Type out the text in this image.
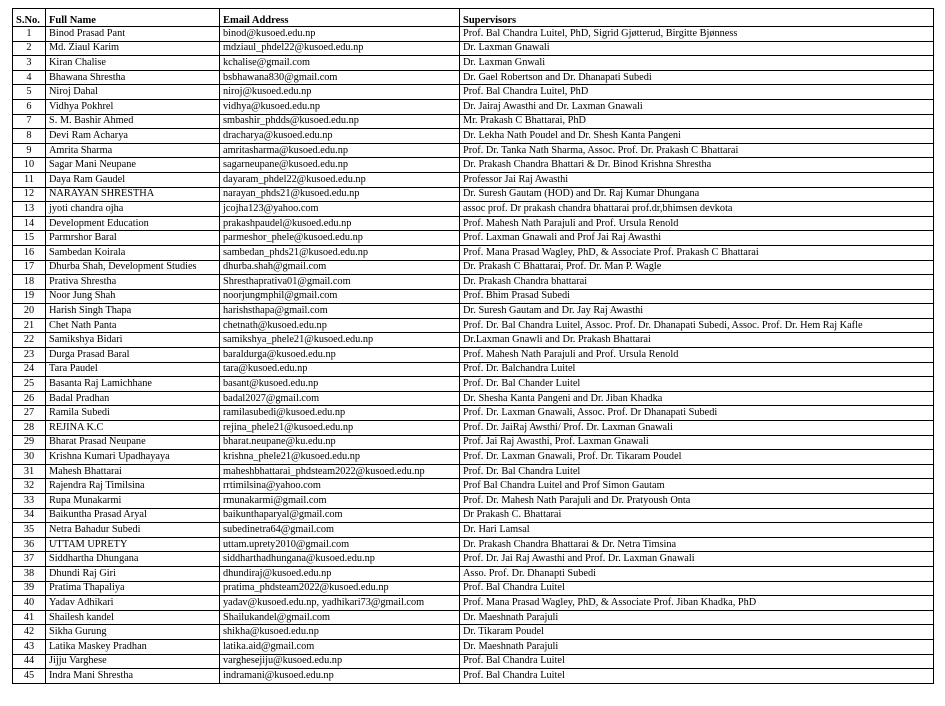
S.No.	Full Name	Email Address	Supervisors
1	Binod Prasad Pant	binod@kusoed.edu.np	Prof. Bal Chandra Luitel, PhD, Sigrid Gjøtterud, Birgitte Bjønness
2	Md. Ziaul Karim	mdziaul_phdel22@kusoed.edu.np	Dr. Laxman Gnawali
3	Kiran Chalise	kchalise@gmail.com	Dr. Laxman Gnwali
4	Bhawana Shrestha	bsbhawana830@gmail.com	Dr. Gael Robertson and Dr. Dhanapati Subedi
5	Niroj Dahal	niroj@kusoed.edu.np	Prof. Bal Chandra Luitel, PhD
6	Vidhya Pokhrel	vidhya@kusoed.edu.np	Dr. Jairaj Awasthi and Dr. Laxman Gnawali
7	S. M. Bashir Ahmed	smbashir_phdds@kusoed.edu.np	Mr. Prakash C Bhattarai, PhD
8	Devi Ram Acharya	dracharya@kusoed.edu.np	Dr. Lekha Nath Poudel and Dr. Shesh Kanta Pangeni
9	Amrita Sharma	amritasharma@kusoed.edu.np	Prof. Dr. Tanka Nath Sharma, Assoc. Prof. Dr. Prakash C Bhattarai
10	Sagar Mani Neupane	sagarneupane@kusoed.edu.np	Dr. Prakash Chandra Bhattari & Dr. Binod Krishna Shrestha
11	Daya Ram Gaudel	dayaram_phdel22@kusoed.edu.np	Professor Jai Raj Awasthi
12	NARAYAN SHRESTHA	narayan_phds21@kusoed.edu.np	Dr. Suresh Gautam (HOD) and Dr. Raj Kumar Dhungana
13	jyoti chandra ojha	jcojha123@yahoo.com	assoc prof. Dr prakash chandra bhattarai prof.dr,bhimsen devkota
14	Development Education	prakashpaudel@kusoed.edu.np	Prof. Mahesh Nath Parajuli and Prof. Ursula Renold
15	Parmrshor Baral	parmeshor_phele@kusoed.edu.np	Prof. Laxman Gnawali and Prof Jai Raj Awasthi
16	Sambedan Koirala	sambedan_phds21@kusoed.edu.np	Prof. Mana Prasad Wagley, PhD, & Associate Prof. Prakash C Bhattarai
17	Dhurba Shah, Development Studies	dhurba.shah@gmail.com	Dr. Prakash C Bhattarai, Prof. Dr. Man P. Wagle
18	Prativa Shrestha	Shresthaprativa01@gmail.com	Dr. Prakash Chandra bhattarai
19	Noor Jung Shah	noorjungmphil@gmail.com	Prof. Bhim Prasad Subedi
20	Harish Singh Thapa	harishsthapa@gmail.com	Dr. Suresh Gautam and Dr. Jay Raj Awasthi
21	Chet Nath Panta	chetnath@kusoed.edu.np	Prof. Dr. Bal Chandra Luitel, Assoc. Prof. Dr. Dhanapati Subedi, Assoc. Prof. Dr. Hem Raj Kafle
22	Samikshya Bidari	samikshya_phele21@kusoed.edu.np	Dr.Laxman Gnawli and Dr. Prakash Bhattarai
23	Durga Prasad Baral	baraldurga@kusoed.edu.np	Prof. Mahesh Nath Parajuli and Prof. Ursula Renold
24	Tara Paudel	tara@kusoed.edu.np	Prof. Dr. Balchandra Luitel
25	Basanta Raj Lamichhane	basant@kusoed.edu.np	Prof. Dr. Bal Chander Luitel
26	Badal Pradhan	badal2027@gmail.com	Dr. Shesha Kanta Pangeni and Dr. Jiban Khadka
27	Ramila Subedi	ramilasubedi@kusoed.edu.np	Prof. Dr. Laxman Gnawali, Assoc. Prof. Dr Dhanapati Subedi
28	REJINA K.C	rejina_phele21@kusoed.edu.np	Prof. Dr. JaiRaj Awsthi/ Prof. Dr. Laxman Gnawali
29	Bharat Prasad Neupane	bharat.neupane@ku.edu.np	Prof. Jai Raj Awasthi, Prof. Laxman Gnawali
30	Krishna Kumari Upadhayaya	krishna_phele21@kusoed.edu.np	Prof. Dr. Laxman Gnawali, Prof. Dr. Tikaram Poudel
31	Mahesh Bhattarai	maheshbhattarai_phdsteam2022@kusoed.edu.np	Prof. Dr. Bal Chandra Luitel
32	Rajendra Raj Timilsina	rrtimilsina@yahoo.com	Prof Bal Chandra Luitel and Prof Simon Gautam
33	Rupa Munakarmi	rmunakarmi@gmail.com	Prof. Dr. Mahesh Nath Parajuli and Dr. Pratyoush Onta
34	Baikuntha Prasad Aryal	baikunthaparyal@gmail.com	Dr Prakash C. Bhattarai
35	Netra Bahadur Subedi	subedinetra64@gmail.com	Dr. Hari Lamsal
36	UTTAM UPRETY	uttam.uprety2010@gmail.com	Dr. Prakash Chandra Bhattarai & Dr. Netra Timsina
37	Siddhartha Dhungana	siddharthadhungana@kusoed.edu.np	Prof. Dr. Jai Raj Awasthi and Prof. Dr. Laxman Gnawali
38	Dhundi Raj Giri	dhundiraj@kusoed.edu.np	Asso. Prof. Dr. Dhanapti Subedi
39	Pratima Thapaliya	pratima_phdsteam2022@kusoed.edu.np	Prof. Bal Chandra Luitel
40	Yadav Adhikari	yadav@kusoed.edu.np, yadhikari73@gmail.com	Prof. Mana Prasad Wagley, PhD, & Associate Prof. Jiban Khadka, PhD
41	Shailesh kandel	Shailukandel@gmail.com	Dr. Maeshnath Parajuli
42	Sikha Gurung	shikha@kusoed.edu.np	Dr. Tikaram Poudel
43	Latika Maskey Pradhan	latika.aid@gmail.com	Dr. Maeshnath Parajuli
44	Jijju Varghese	varghesejiju@kusoed.edu.np	Prof. Bal Chandra Luitel
45	Indra Mani Shrestha	indramani@kusoed.edu.np	Prof. Bal Chandra Luitel
